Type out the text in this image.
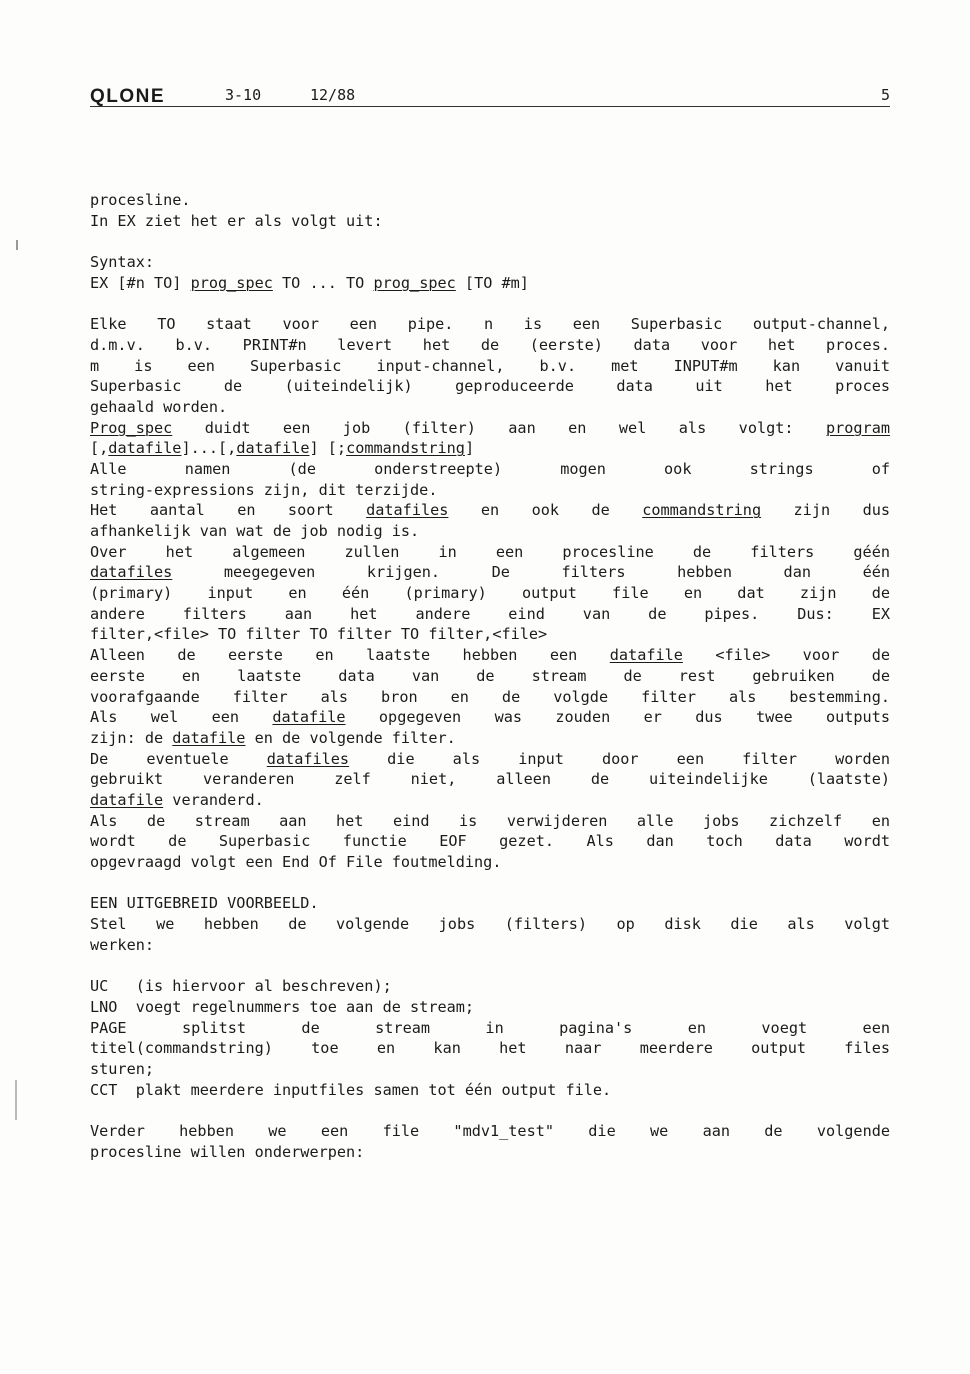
QLONE	3-10	12/88	5
procesline.
In EX ziet het er als volgt uit:
Syntax:
EX [#n TO] prog_spec TO ... TO prog_spec [TO #m]
Elke TO staat voor een pipe. n is een Superbasic output-channel,
d.m.v. b.v. PRINT#n levert het de (eerste) data voor het proces.
m is een Superbasic input-channel, b.v. met INPUT#m kan vanuit
Superbasic de (uiteindelijk) geproduceerde data uit het proces
gehaald worden.
Prog_spec duidt een job (filter) aan en wel als volgt: program
[,datafile]...[,datafile] [;commandstring]
Alle namen (de onderstreepte) mogen ook strings of
string-expressions zijn, dit terzijde.
Het aantal en soort datafiles en ook de commandstring zijn dus
afhankelijk van wat de job nodig is.
Over het algemeen zullen in een procesline de filters géén
datafiles meegegeven krijgen. De filters hebben dan één
(primary) input en één (primary) output file en dat zijn de
andere filters aan het andere eind van de pipes. Dus: EX
filter,<file> TO filter TO filter TO filter,<file>
Alleen de eerste en laatste hebben een datafile <file> voor de
eerste en laatste data van de stream de rest gebruiken de
voorafgaande filter als bron en de volgde filter als bestemming.
Als wel een datafile opgegeven was zouden er dus twee outputs
zijn: de datafile en de volgende filter.
De eventuele datafiles die als input door een filter worden
gebruikt veranderen zelf niet, alleen de uiteindelijke (laatste)
datafile veranderd.
Als de stream aan het eind is verwijderen alle jobs zichzelf en
wordt de Superbasic functie EOF gezet. Als dan toch data wordt
opgevraagd volgt een End Of File foutmelding.
EEN UITGEBREID VOORBEELD.
Stel we hebben de volgende jobs (filters) op disk die als volgt
werken:
UC   (is hiervoor al beschreven);
LNO  voegt regelnummers toe aan de stream;
PAGE splitst de stream in pagina's en voegt een
titel(commandstring) toe en kan het naar meerdere output files
sturen;
CCT  plakt meerdere inputfiles samen tot één output file.
Verder hebben we een file "mdv1_test" die we aan de volgende
procesline willen onderwerpen:
